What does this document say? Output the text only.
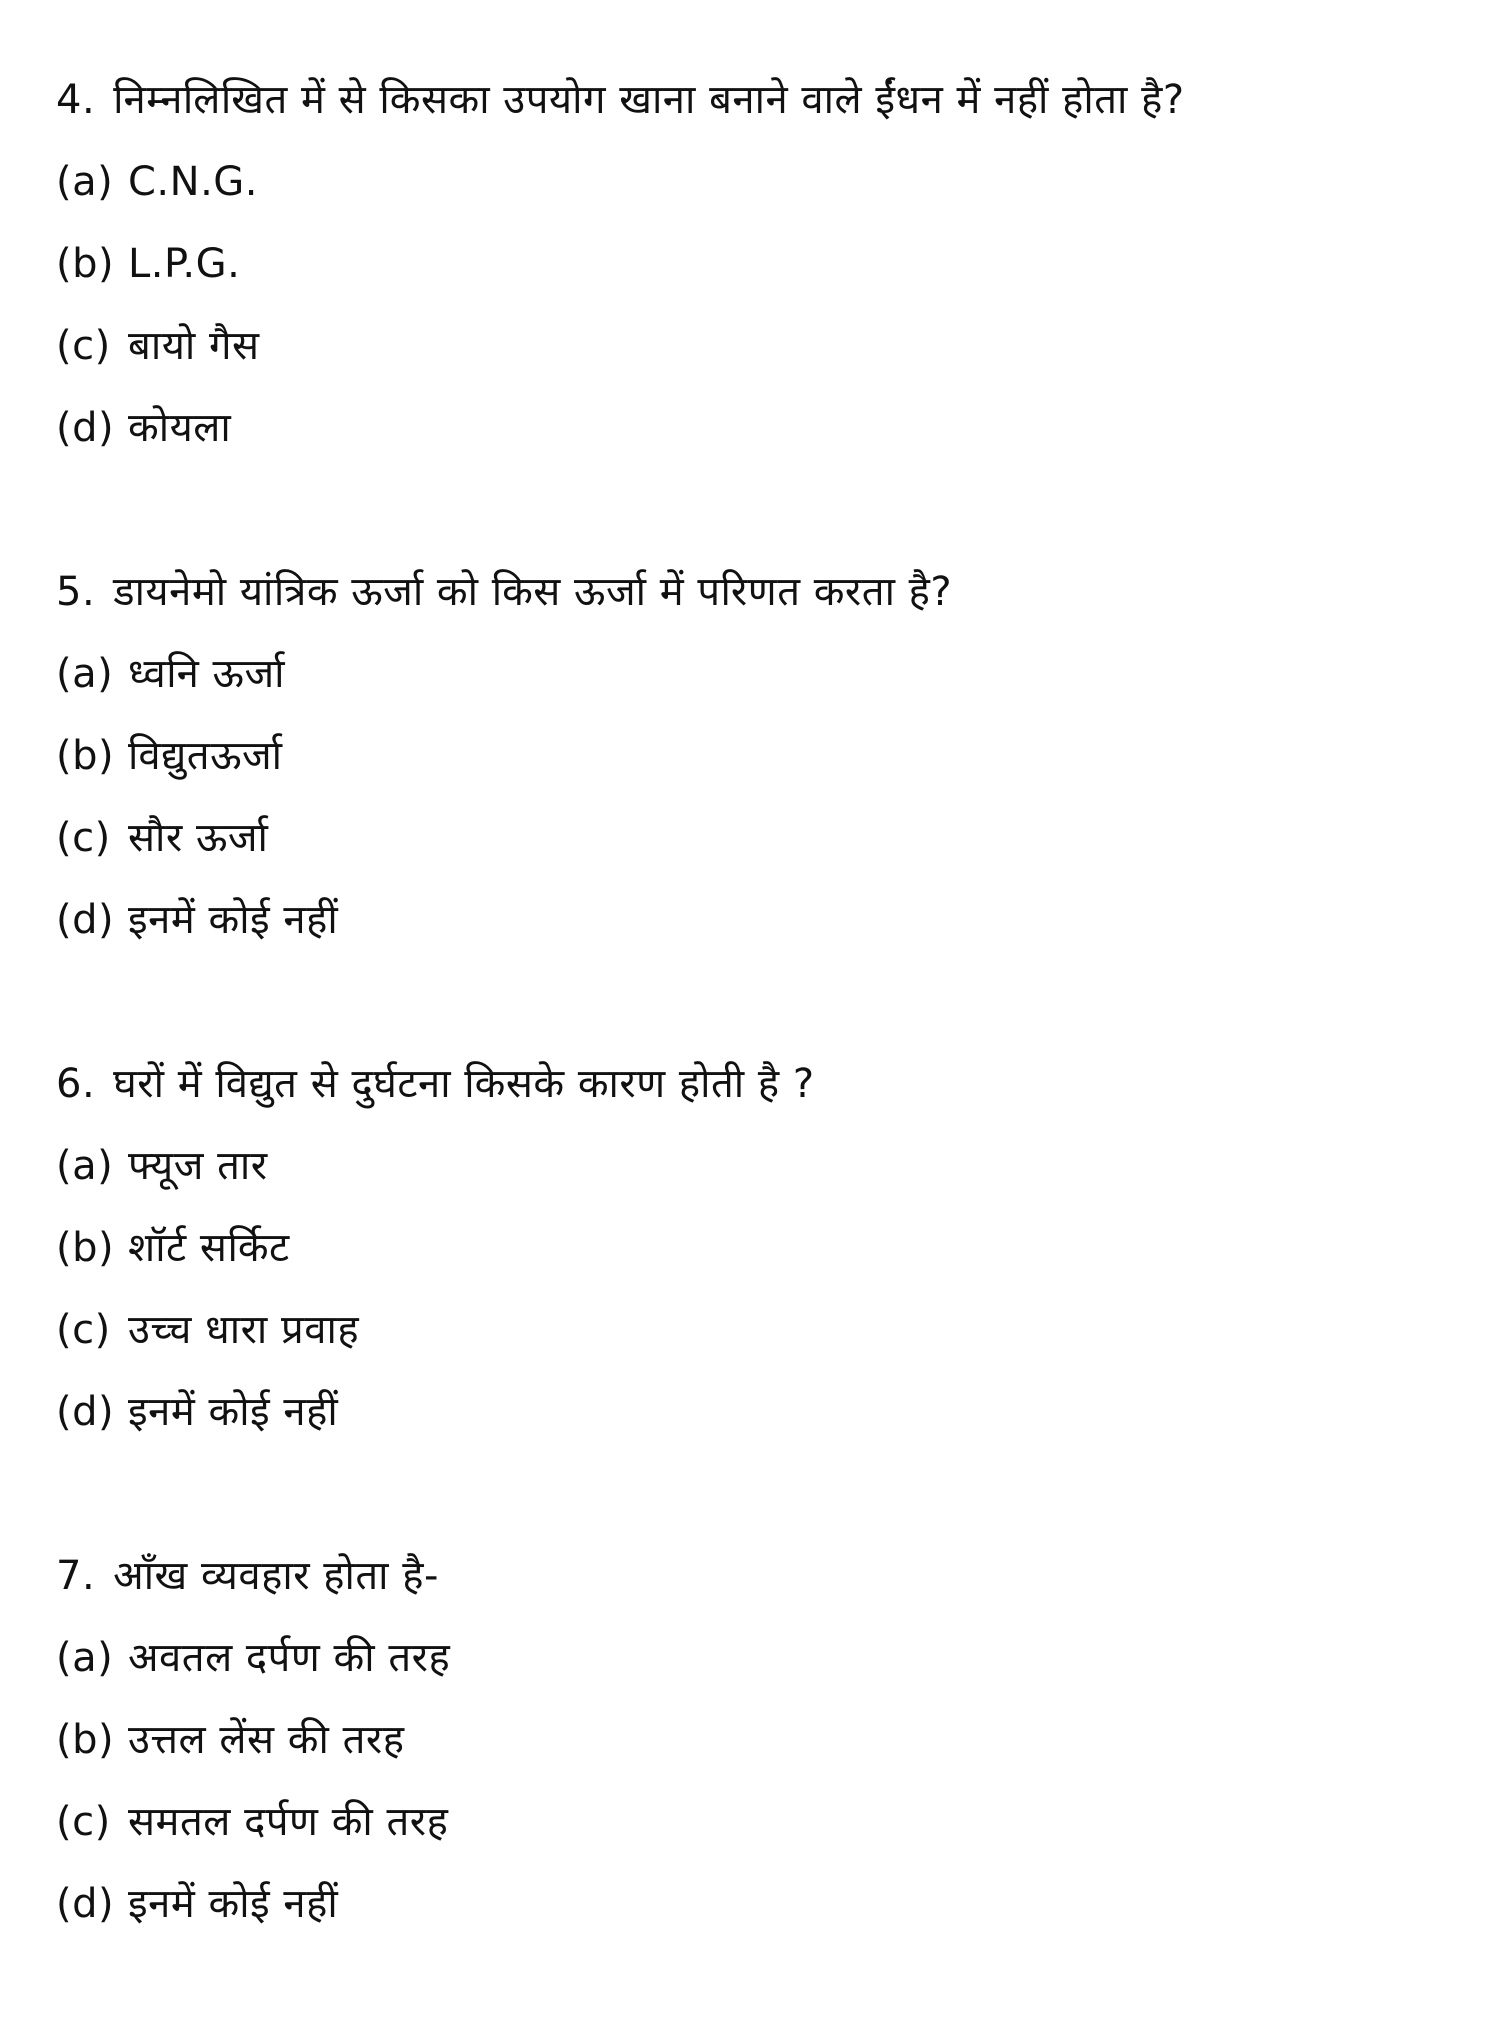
4. निम्नलिखित में से किसका उपयोग खाना बनाने वाले ईंधन में नहीं होता है?
(a) C.N.G.
(b) L.P.G.
(c) बायो गैस
(d) कोयला
5. डायनेमो यांत्रिक ऊर्जा को किस ऊर्जा में परिणत करता है?
(a) ध्वनि ऊर्जा
(b) विद्युतऊर्जा
(c) सौर ऊर्जा
(d) इनमें कोई नहीं
6. घरों में विद्युत से दुर्घटना किसके कारण होती है ?
(a) फ्यूज तार
(b) शॉर्ट सर्किट
(c) उच्च धारा प्रवाह
(d) इनमें कोई नहीं
7. आँख व्यवहार होता है-
(a) अवतल दर्पण की तरह
(b) उत्तल लेंस की तरह
(c) समतल दर्पण की तरह
(d) इनमें कोई नहीं
